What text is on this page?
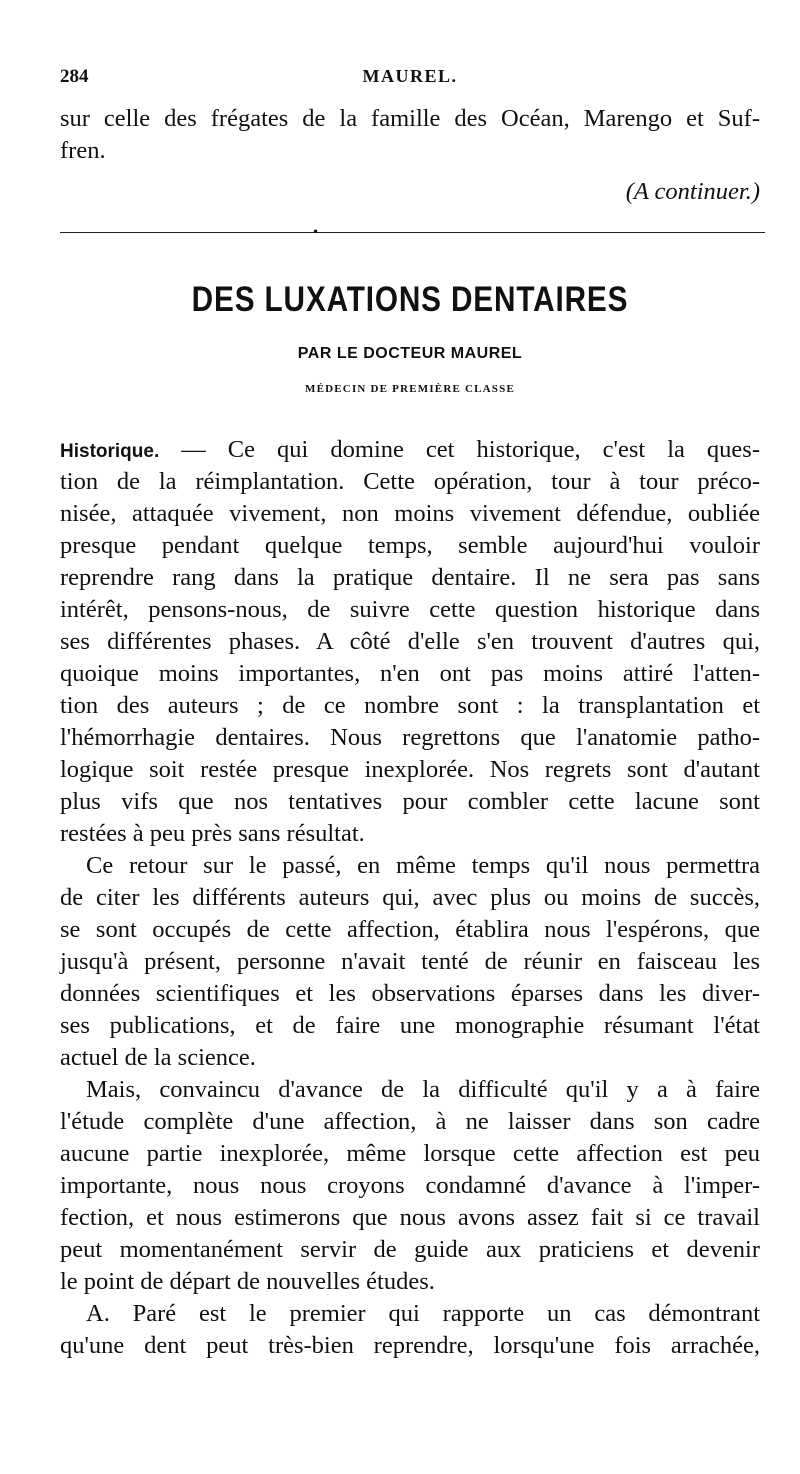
284	MAUREL.
sur celle des frégates de la famille des Océan, Marengo et Suf-
fren.
(A continuer.)
•
DES LUXATIONS DENTAIRES
PAR LE DOCTEUR MAUREL
MÉDECIN DE PREMIÈRE CLASSE
Historique. — Ce qui domine cet historique, c'est la ques-
tion de la réimplantation. Cette opération, tour à tour préco-
nisée, attaquée vivement, non moins vivement défendue, oubliée
presque pendant quelque temps, semble aujourd'hui vouloir
reprendre rang dans la pratique dentaire. Il ne sera pas sans
intérêt, pensons-nous, de suivre cette question historique dans
ses différentes phases. A côté d'elle s'en trouvent d'autres qui,
quoique moins importantes, n'en ont pas moins attiré l'atten-
tion des auteurs ; de ce nombre sont : la transplantation et
l'hémorrhagie dentaires. Nous regrettons que l'anatomie patho-
logique soit restée presque inexplorée. Nos regrets sont d'autant
plus vifs que nos tentatives pour combler cette lacune sont
restées à peu près sans résultat.
Ce retour sur le passé, en même temps qu'il nous permettra
de citer les différents auteurs qui, avec plus ou moins de succès,
se sont occupés de cette affection, établira nous l'espérons, que
jusqu'à présent, personne n'avait tenté de réunir en faisceau les
données scientifiques et les observations éparses dans les diver-
ses publications, et de faire une monographie résumant l'état
actuel de la science.
Mais, convaincu d'avance de la difficulté qu'il y a à faire
l'étude complète d'une affection, à ne laisser dans son cadre
aucune partie inexplorée, même lorsque cette affection est peu
importante, nous nous croyons condamné d'avance à l'imper-
fection, et nous estimerons que nous avons assez fait si ce travail
peut momentanément servir de guide aux praticiens et devenir
le point de départ de nouvelles études.
A. Paré est le premier qui rapporte un cas démontrant
qu'une dent peut très-bien reprendre, lorsqu'une fois arrachée,
